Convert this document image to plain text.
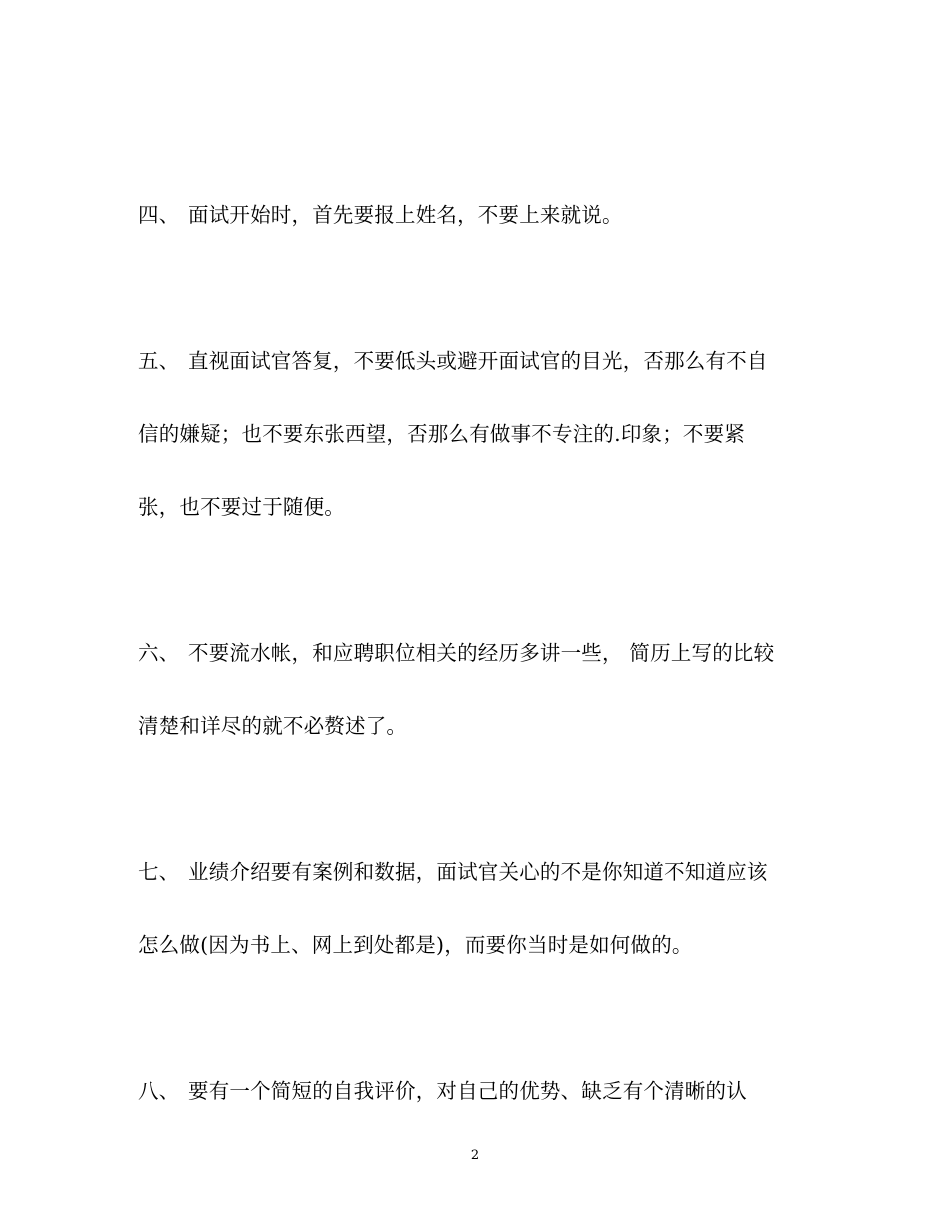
四、 面试开始时，首先要报上姓名，不要上来就说。
五、 直视面试官答复，不要低头或避开面试官的目光，否那么有不自
信的嫌疑；也不要东张西望，否那么有做事不专注的.印象；不要紧
张，也不要过于随便。
六、 不要流水帐，和应聘职位相关的经历多讲一些， 简历上写的比较
清楚和详尽的就不必赘述了。
七、 业绩介绍要有案例和数据，面试官关心的不是你知道不知道应该
怎么做(因为书上、网上到处都是)，而要你当时是如何做的。
八、 要有一个简短的自我评价，对自己的优势、缺乏有个清晰的认
2
